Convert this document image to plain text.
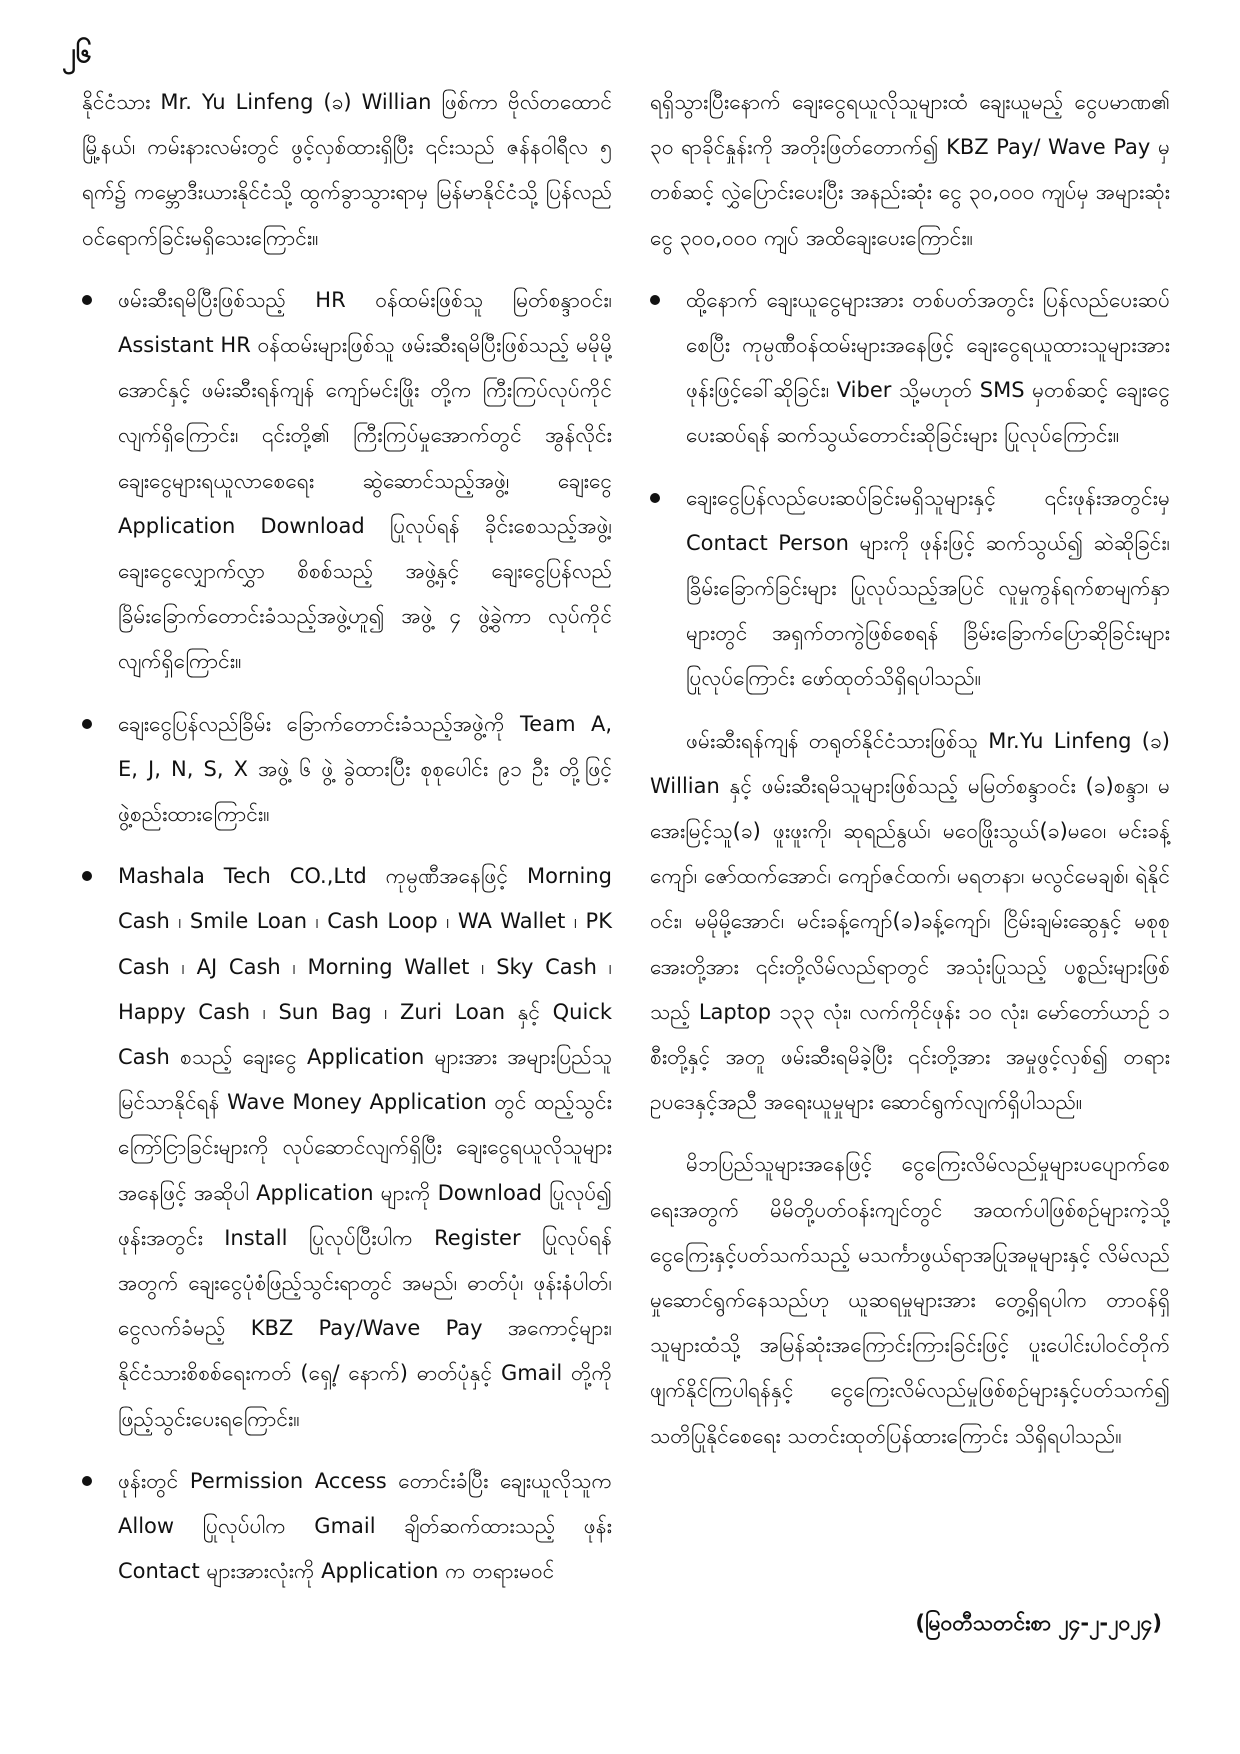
၂၆

နိုင်ငံသား Mr. Yu Linfeng (ခ) Willian ဖြစ်ကာ ဗိုလ်တထောင်မြို့နယ်၊ ကမ်းနားလမ်းတွင် ဖွင့်လှစ်ထားရှိပြီး ၎င်းသည် ဇန်နဝါရီလ ၅ ရက်၌ ကမ္ဘောဒီးယားနိုင်ငံသို့ ထွက်ခွာသွားရာမှ မြန်မာနိုင်ငံသို့ ပြန်လည်ဝင်ရောက်ခြင်းမရှိသေးကြောင်း။

ဖမ်းဆီးရမိပြီးဖြစ်သည့် HR ဝန်ထမ်းဖြစ်သူ မြတ်စန္ဒာဝင်း၊ Assistant HR ဝန်ထမ်းများဖြစ်သူ ဖမ်းဆီးရမိပြီးဖြစ်သည့် မမိုမို့အောင်နှင့် ဖမ်းဆီးရန်ကျန် ကျော်မင်းဖြိုး တို့က ကြီးကြပ်လုပ်ကိုင်လျက်ရှိကြောင်း၊ ၎င်းတို့၏ ကြီးကြပ်မှုအောက်တွင် အွန်လိုင်းချေးငွေများရယူလာစေရေး ဆွဲဆောင်သည့်အဖွဲ့၊ ချေးငွေ Application Download ပြုလုပ်ရန် ခိုင်းစေသည့်အဖွဲ့၊ ချေးငွေလျှောက်လွှာ စိစစ်သည့် အဖွဲ့နှင့် ချေးငွေပြန်လည်ခြိမ်းခြောက်တောင်းခံသည့်အဖွဲ့ဟူ၍ အဖွဲ့ ၄ ဖွဲ့ခွဲကာ လုပ်ကိုင်လျက်ရှိကြောင်း။
ချေးငွေပြန်လည်ခြိမ်း ခြောက်တောင်းခံသည့်အဖွဲ့ကို Team A, E, J, N, S, X အဖွဲ့ ၆ ဖွဲ့ ခွဲထားပြီး စုစုပေါင်း ၉၁ ဦး တို့ဖြင့် ဖွဲ့စည်းထားကြောင်း။
Mashala Tech CO.,Ltd ကုမ္ပဏီအနေဖြင့် Morning Cash ၊ Smile Loan ၊ Cash Loop ၊ WA Wallet ၊ PK Cash ၊ AJ Cash ၊ Morning Wallet ၊ Sky Cash ၊ Happy Cash ၊ Sun Bag ၊ Zuri Loan နှင့် Quick Cash စသည့် ချေးငွေ Application များအား အများပြည်သူမြင်သာနိုင်ရန် Wave Money Application တွင် ထည့်သွင်းကြော်ငြာခြင်းများကို လုပ်ဆောင်လျက်ရှိပြီး ချေးငွေရယူလိုသူများအနေဖြင့် အဆိုပါ Application များကို Download ပြုလုပ်၍ ဖုန်းအတွင်း Install ပြုလုပ်ပြီးပါက Register ပြုလုပ်ရန်အတွက် ချေးငွေပုံစံဖြည့်သွင်းရာတွင် အမည်၊ ဓာတ်ပုံ၊ ဖုန်းနံပါတ်၊ ငွေလက်ခံမည့် KBZ Pay/Wave Pay အကောင့်များ၊ နိုင်ငံသားစိစစ်ရေးကတ် (ရှေ့/ နောက်) ဓာတ်ပုံနှင့် Gmail တို့ကို ဖြည့်သွင်းပေးရကြောင်း။
ဖုန်းတွင် Permission Access တောင်းခံပြီး ချေးယူလိုသူက Allow ပြုလုပ်ပါက Gmail ချိတ်ဆက်ထားသည့် ဖုန်း Contact များအားလုံးကို Application က တရားမဝင်

ရရှိသွားပြီးနောက် ချေးငွေရယူလိုသူများထံ ချေးယူမည့် ငွေပမာဏ၏ ၃၀ ရာခိုင်နှုန်းကို အတိုးဖြတ်တောက်၍ KBZ Pay/ Wave Pay မှတစ်ဆင့် လွှဲပြောင်းပေးပြီး အနည်းဆုံး ငွေ ၃၀,၀၀၀ ကျပ်မှ အများဆုံး ငွေ ၃၀၀,၀၀၀ ကျပ် အထိချေးပေးကြောင်း။

ထို့နောက် ချေးယူငွေများအား တစ်ပတ်အတွင်း ပြန်လည်ပေးဆပ်စေပြီး ကုမ္ပဏီဝန်ထမ်းများအနေဖြင့် ချေးငွေရယူထားသူများအား ဖုန်းဖြင့်ခေါ်ဆိုခြင်း၊ Viber သို့မဟုတ် SMS မှတစ်ဆင့် ချေးငွေပေးဆပ်ရန် ဆက်သွယ်တောင်းဆိုခြင်းများ ပြုလုပ်ကြောင်း။
ချေးငွေပြန်လည်ပေးဆပ်ခြင်းမရှိသူများနှင့် ၎င်းဖုန်းအတွင်းမှ Contact Person များကို ဖုန်းဖြင့် ဆက်သွယ်၍ ဆဲဆိုခြင်း၊ ခြိမ်းခြောက်ခြင်းများ ပြုလုပ်သည့်အပြင် လူမှုကွန်ရက်စာမျက်နှာများတွင် အရှက်တကွဲဖြစ်စေရန် ခြိမ်းခြောက်ပြောဆိုခြင်းများ ပြုလုပ်ကြောင်း ဖော်ထုတ်သိရှိရပါသည်။

ဖမ်းဆီးရန်ကျန် တရုတ်နိုင်ငံသားဖြစ်သူ Mr.Yu Linfeng (ခ) Willian နှင့် ဖမ်းဆီးရမိသူများဖြစ်သည့် မမြတ်စန္ဒာဝင်း (ခ)စန္ဒာ၊ မအေးမြင့်သူ(ခ) ဖူးဖူးကို၊ ဆုရည်နွယ်၊ မဝေဖြိုးသွယ်(ခ)မဝေ၊ မင်းခန့်ကျော်၊ ဇော်ထက်အောင်၊ ကျော်ဇင်ထက်၊ မရတနာ၊ မလွင်မေချစ်၊ ရဲနိုင်ဝင်း၊ မမိုမို့အောင်၊ မင်းခန့်ကျော်(ခ)ခန့်ကျော်၊ ငြိမ်းချမ်းဆွေနှင့် မစုစုအေးတို့အား ၎င်းတို့လိမ်လည်ရာတွင် အသုံးပြုသည့် ပစ္စည်းများဖြစ်သည့် Laptop ၁၃၃ လုံး၊ လက်ကိုင်ဖုန်း ၁၀ လုံး၊ မော်တော်ယာဉ် ၁ စီးတို့နှင့် အတူ ဖမ်းဆီးရမိခဲ့ပြီး ၎င်းတို့အား အမှုဖွင့်လှစ်၍ တရားဥပဒေနှင့်အညီ အရေးယူမှုများ ဆောင်ရွက်လျက်ရှိပါသည်။

မိဘပြည်သူများအနေဖြင့် ငွေကြေးလိမ်လည်မှုများပပျောက်စေရေးအတွက် မိမိတို့ပတ်ဝန်းကျင်တွင် အထက်ပါဖြစ်စဉ်များကဲ့သို့ ငွေကြေးနှင့်ပတ်သက်သည့် မသင်္ကာဖွယ်ရာအပြုအမူများနှင့် လိမ်လည်မှုဆောင်ရွက်နေသည်ဟု ယူဆရမှုများအား တွေ့ရှိရပါက တာဝန်ရှိသူများထံသို့ အမြန်ဆုံးအကြောင်းကြားခြင်းဖြင့် ပူးပေါင်းပါဝင်တိုက်ဖျက်နိုင်ကြပါရန်နှင့် ငွေကြေးလိမ်လည်မှုဖြစ်စဉ်များနှင့်ပတ်သက်၍ သတိပြုနိုင်စေရေး သတင်းထုတ်ပြန်ထားကြောင်း သိရှိရပါသည်။

(မြဝတီသတင်းစာ ၂၄-၂-၂၀၂၄)
